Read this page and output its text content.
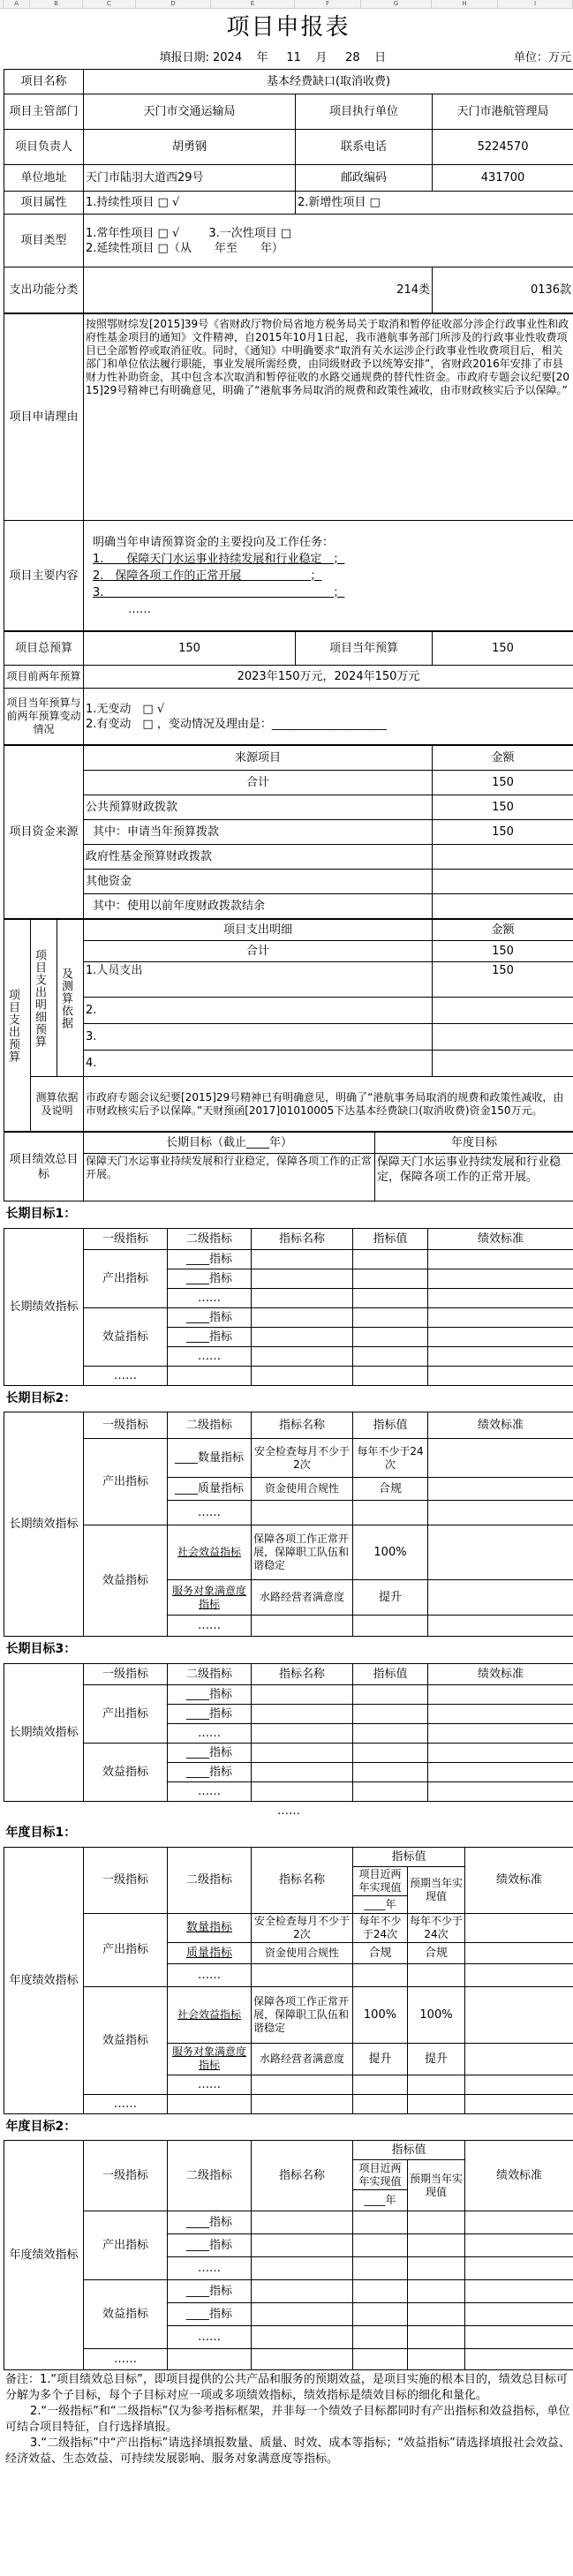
A	B	C	D	E	F	G	H	I
项目申报表
	填报日期:	2024 年 11 月 28 日	单位：万元
项目名称	基本经费缺口(取消收费)		
项目主管部门	天门市交通运输局	项目执行单位	天门市港航管理局
项目负责人	胡勇钢	联系电话	5224570
单位地址	天门市陆羽大道西29号	邮政编码	431700
项目属性	1.持续性项目 □ √	2.新增性项目 □	
项目类型	1.常年性项目 □ √ 3.一次性项目 □
2.延续性项目 □（从　　年至　　年）		
支出功能分类	214类		0136款
项目申请理由	按照鄂财综发[2015]39号《省财政厅物价局省地方税务局关于取消和暂停征收部分涉企行政事业性和政府性基金项目的通知》文件精神，自2015年10月1日起，我市港航事务部门所涉及的行政事业性收费项目已全部暂停或取消征收。同时，《通知》中明确要求“取消有关水运涉企行政事业性收费项目后，相关部门和单位依法履行职能，事业发展所需经费，由同级财政予以统筹安排”，省财政2016年安排了市县财力性补助资金，其中包含本次取消和暂停征收的水路交通规费的替代性资金。市政府专题会议纪要[2015]29号精神已有明确意见，明确了“港航事务局取消的规费和政策性减收，由市财政核实后予以保障。”
项目主要内容	明确当年申请预算资金的主要投向及工作任务：
1.　　保障天门水运事业持续发展和行业稳定　；
2.　保障各项工作的正常开展　　　　　　；
3.　　　　　　　　　　　　　　　　　　　　；
……
项目总预算	150	项目当年预算	150
项目前两年预算	2023年150万元，2024年150万元		
项目当年预算与前两年预算变动情况	1.无变动　□ √
2.有变动　□ ，变动情况及理由是：____________________		
项目资金来源	来源项目	金额
	合计	150
	公共预算财政拨款	150
	其中：申请当年预算拨款	150
	政府性基金预算财政拨款	
	其他资金	
	其中：使用以前年度财政拨款结余	
项目支出预算	项目支出明细预算	及测算依据	项目支出明细	金额
			合计	150
			1.人员支出	150
			2.	
			3.	
			4.	
	测算依据及说明		市政府专题会议纪要[2015]29号精神已有明确意见，明确了“港航事务局取消的规费和政策性减收，由市财政核实后予以保障。”天财预函[2017]01010005下达基本经费缺口(取消收费)资金150万元。	
项目绩效总目标	长期目标（截止____年）	年度目标
	保障天门水运事业持续发展和行业稳定，保障各项工作的正常开展。	保障天门水运事业持续发展和行业稳定，保障各项工作的正常开展。
长期目标1：					
长期绩效指标	一级指标	二级指标	指标名称	指标值	绩效标准
	产出指标	____指标			
		____指标			
		……			
	效益指标	____指标			
		____指标			
		……			
	……				
长期目标2：					
长期绩效指标	一级指标	二级指标	指标名称	指标值	绩效标准
	产出指标	____数量指标	安全检查每月不少于2次	每年不少于24次	
		____质量指标	资金使用合规性	合规	
		……			
	效益指标	社会效益指标	保障各项工作正常开展，保障职工队伍和谐稳定	100%	
		服务对象满意度指标	水路经营者满意度	提升	
		……			
长期目标3：					
长期绩效指标	一级指标	二级指标	指标名称	指标值	绩效标准
	产出指标	____指标			
		____指标			
		……			
	效益指标	____指标			
		____指标			
		……			
……					
年度目标1：						
年度绩效指标	一级指标	二级指标	指标名称	指标值		绩效标准
				项目近两年实现值	预期当年实现值	
				____年		
	产出指标	数量指标	安全检查每月不少于2次	每年不少于24次	每年不少于24次	
		质量指标	资金使用合规性	合规	合规	
		……				
	效益指标	社会效益指标	保障各项工作正常开展，保障职工队伍和谐稳定	100%	100%	
		服务对象满意度指标	水路经营者满意度	提升	提升	
		……				
	……					
年度目标2：						
年度绩效指标	一级指标	二级指标	指标名称	指标值		绩效标准
				项目近两年实现值	预期当年实现值	
				____年		
	产出指标	____指标				
		____指标				
		……				
	效益指标	____指标				
		____指标				
		……				
	……					
备注：1.“项目绩效总目标”，即项目提供的公共产品和服务的预期效益，是项目实施的根本目的，绩效总目标可分解为多个子目标，每个子目标对应一项或多项绩效指标，绩效指标是绩效目标的细化和量化。
2.“一级指标”和“二级指标”仅为参考指标框架，并非每一个绩效子目标都同时有产出指标和效益指标，单位可结合项目特征，自行选择填报。
3.“二级指标”中“产出指标”请选择填报数量、质量、时效、成本等指标；“效益指标”请选择填报社会效益、经济效益、生态效益、可持续发展影响、服务对象满意度等指标。
